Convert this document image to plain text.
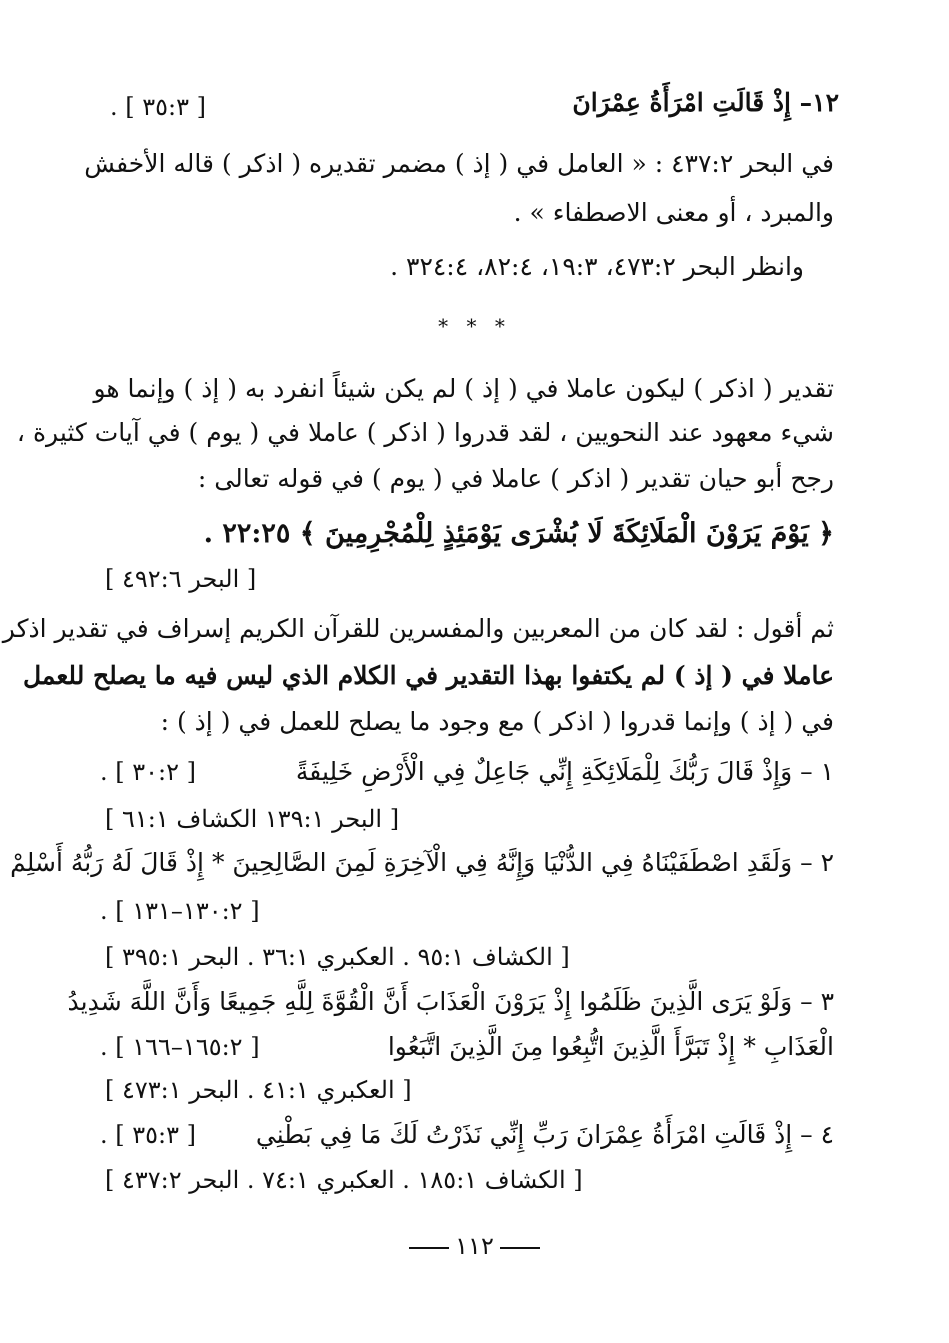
١٢– إِذْ قَالَتِ امْرَأَةُ عِمْرَانَ
[ ٣٥:٣ ] .
في البحر ٤٣٧:٢ : « العامل في ( إذ ) مضمر تقديره ( اذكر ) قاله الأخفش
والمبرد ، أو معنى الاصطفاء » .
وانظر البحر ٤٧٣:٢، ١٩:٣، ٨٢:٤، ٣٢٤:٤ .
* * *
تقدير ( اذكر ) ليكون عاملا في ( إذ ) لم يكن شيئاً انفرد به ( إذ ) وإنما هو
شيء معهود عند النحويين ، لقد قدروا ( اذكر ) عاملا في ( يوم ) في آيات كثيرة ،
رجح أبو حيان تقدير ( اذكر ) عاملا في ( يوم ) في قوله تعالى :
﴿ يَوْمَ يَرَوْنَ الْمَلَائِكَةَ لَا بُشْرَى يَوْمَئِذٍ لِلْمُجْرِمِينَ ﴾ ٢٢:٢٥ .
[ البحر ٤٩٢:٦ ]
ثم أقول : لقد كان من المعربين والمفسرين للقرآن الكريم إسراف في تقدير اذكر
عاملا في ( إذ ) لم يكتفوا بهذا التقدير في الكلام الذي ليس فيه ما يصلح للعمل
في ( إذ ) وإنما قدروا ( اذكر ) مع وجود ما يصلح للعمل في ( إذ ) :
١ – وَإِذْ قَالَ رَبُّكَ لِلْمَلَائِكَةِ إِنِّي جَاعِلٌ فِي الْأَرْضِ خَلِيفَةً
[ ٣٠:٢ ] .
[ البحر ١٣٩:١ الكشاف ٦١:١ ]
٢ – وَلَقَدِ اصْطَفَيْنَاهُ فِي الدُّنْيَا وَإِنَّهُ فِي الْآخِرَةِ لَمِنَ الصَّالِحِينَ * إِذْ قَالَ لَهُ رَبُّهُ أَسْلِمْ
[ ١٣٠:٢–١٣١ ] .
[ الكشاف ٩٥:١ . العكبري ٣٦:١ . البحر ٣٩٥:١ ]
٣ – وَلَوْ يَرَى الَّذِينَ ظَلَمُوا إِذْ يَرَوْنَ الْعَذَابَ أَنَّ الْقُوَّةَ لِلَّهِ جَمِيعًا وَأَنَّ اللَّهَ شَدِيدُ
الْعَذَابِ * إِذْ تَبَرَّأَ الَّذِينَ اتُّبِعُوا مِنَ الَّذِينَ اتَّبَعُوا
[ ١٦٥:٢–١٦٦ ] .
[ العكبري ٤١:١ . البحر ٤٧٣:١ ]
٤ – إِذْ قَالَتِ امْرَأَةُ عِمْرَانَ رَبِّ إِنِّي نَذَرْتُ لَكَ مَا فِي بَطْنِي
[ ٣٥:٣ ] .
[ الكشاف ١٨٥:١ . العكبري ٧٤:١ . البحر ٤٣٧:٢ ]
١١٢
